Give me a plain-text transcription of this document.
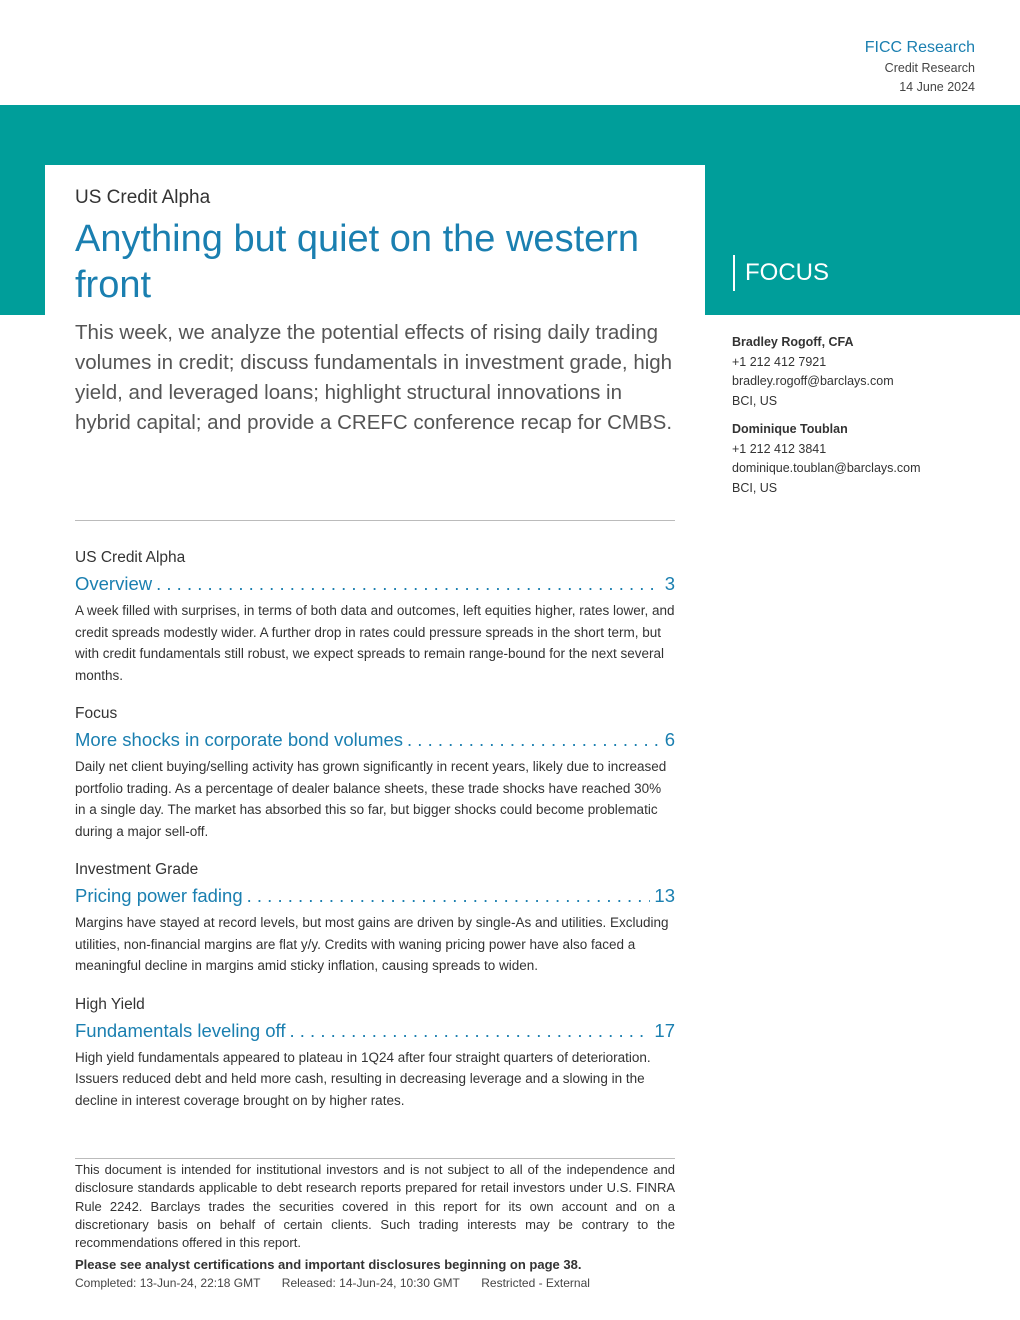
FICC Research
Credit Research
14 June 2024
US Credit Alpha
Anything but quiet on the western front	FOCUS
This week, we analyze the potential effects of rising daily trading volumes in credit; discuss fundamentals in investment grade, high yield, and leveraged loans; highlight structural innovations in hybrid capital; and provide a CREFC conference recap for CMBS.
Bradley Rogoff, CFA
+1 212 412 7921
bradley.rogoff@barclays.com
BCI, US
Dominique Toublan
+1 212 412 3841
dominique.toublan@barclays.com
BCI, US
US Credit Alpha
Overview . . .	3
A week filled with surprises, in terms of both data and outcomes, left equities higher, rates lower, and credit spreads modestly wider. A further drop in rates could pressure spreads in the short term, but with credit fundamentals still robust, we expect spreads to remain range-bound for the next several months.
Focus
More shocks in corporate bond volumes . . .	6
Daily net client buying/selling activity has grown significantly in recent years, likely due to increased portfolio trading. As a percentage of dealer balance sheets, these trade shocks have reached 30% in a single day. The market has absorbed this so far, but bigger shocks could become problematic during a major sell-off.
Investment Grade
Pricing power fading . . .	13
Margins have stayed at record levels, but most gains are driven by single-As and utilities. Excluding utilities, non-financial margins are flat y/y. Credits with waning pricing power have also faced a meaningful decline in margins amid sticky inflation, causing spreads to widen.
High Yield
Fundamentals leveling off . . .	17
High yield fundamentals appeared to plateau in 1Q24 after four straight quarters of deterioration. Issuers reduced debt and held more cash, resulting in decreasing leverage and a slowing in the decline in interest coverage brought on by higher rates.
This document is intended for institutional investors and is not subject to all of the independence and disclosure standards applicable to debt research reports prepared for retail investors under U.S. FINRA Rule 2242. Barclays trades the securities covered in this report for its own account and on a discretionary basis on behalf of certain clients. Such trading interests may be contrary to the recommendations offered in this report.
Please see analyst certifications and important disclosures beginning on page 38.
Completed: 13-Jun-24, 22:18 GMT Released: 14-Jun-24, 10:30 GMT Restricted - External
